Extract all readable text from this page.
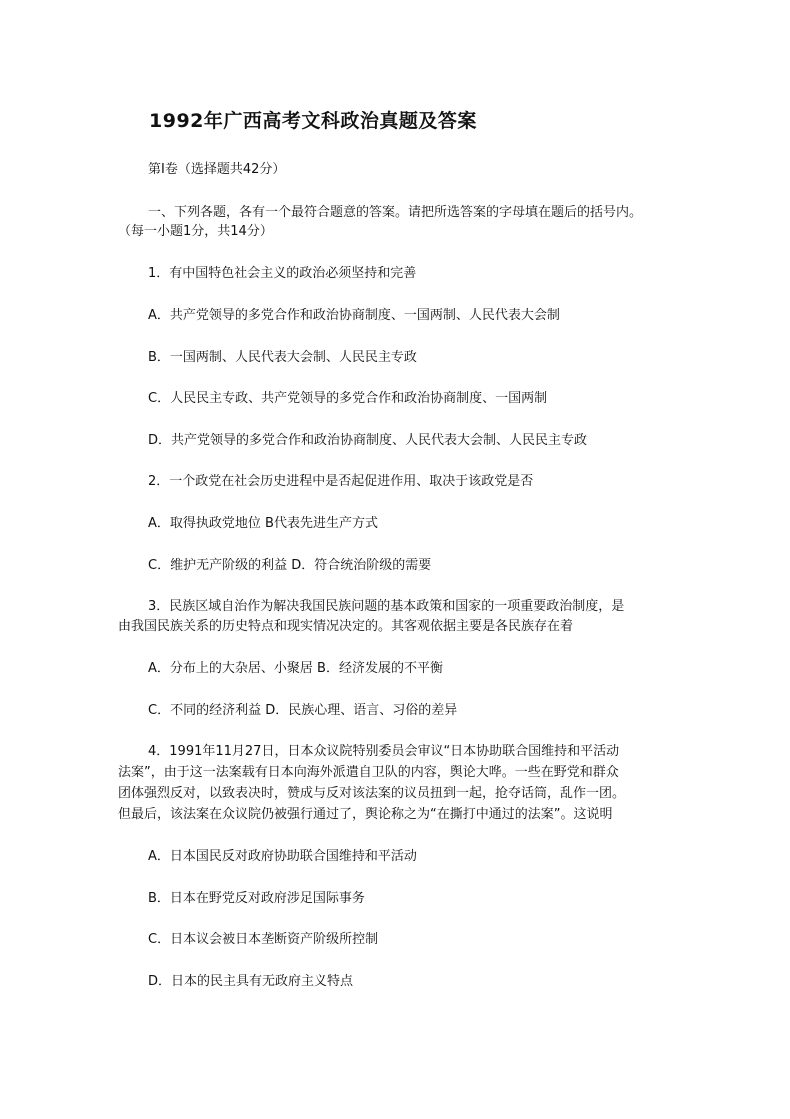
1992年广西高考文科政治真题及答案
第Ⅰ卷（选择题共42分）
一、下列各题，各有一个最符合题意的答案。请把所选答案的字母填在题后的括号内。
（每一小题1分，共14分）
1．有中国特色社会主义的政治必须坚持和完善
A．共产党领导的多党合作和政治协商制度、一国两制、人民代表大会制
B．一国两制、人民代表大会制、人民民主专政
C．人民民主专政、共产党领导的多党合作和政治协商制度、一国两制
D．共产党领导的多党合作和政治协商制度、人民代表大会制、人民民主专政
2．一个政党在社会历史进程中是否起促进作用、取决于该政党是否
A．取得执政党地位 B代表先进生产方式
C．维护无产阶级的利益 D．符合统治阶级的需要
3．民族区域自治作为解决我国民族问题的基本政策和国家的一项重要政治制度，是
由我国民族关系的历史特点和现实情况决定的。其客观依据主要是各民族存在着
A．分布上的大杂居、小聚居 B．经济发展的不平衡
C．不同的经济利益 D．民族心理、语言、习俗的差异
4．1991年11月27日，日本众议院特别委员会审议“日本协助联合国维持和平活动
法案”，由于这一法案载有日本向海外派遣自卫队的内容，舆论大哗。一些在野党和群众
团体强烈反对，以致表决时，赞成与反对该法案的议员扭到一起，抢夺话筒，乱作一团。
但最后，该法案在众议院仍被强行通过了，舆论称之为“在撕打中通过的法案”。这说明
A．日本国民反对政府协助联合国维持和平活动
B．日本在野党反对政府涉足国际事务
C．日本议会被日本垄断资产阶级所控制
D．日本的民主具有无政府主义特点
